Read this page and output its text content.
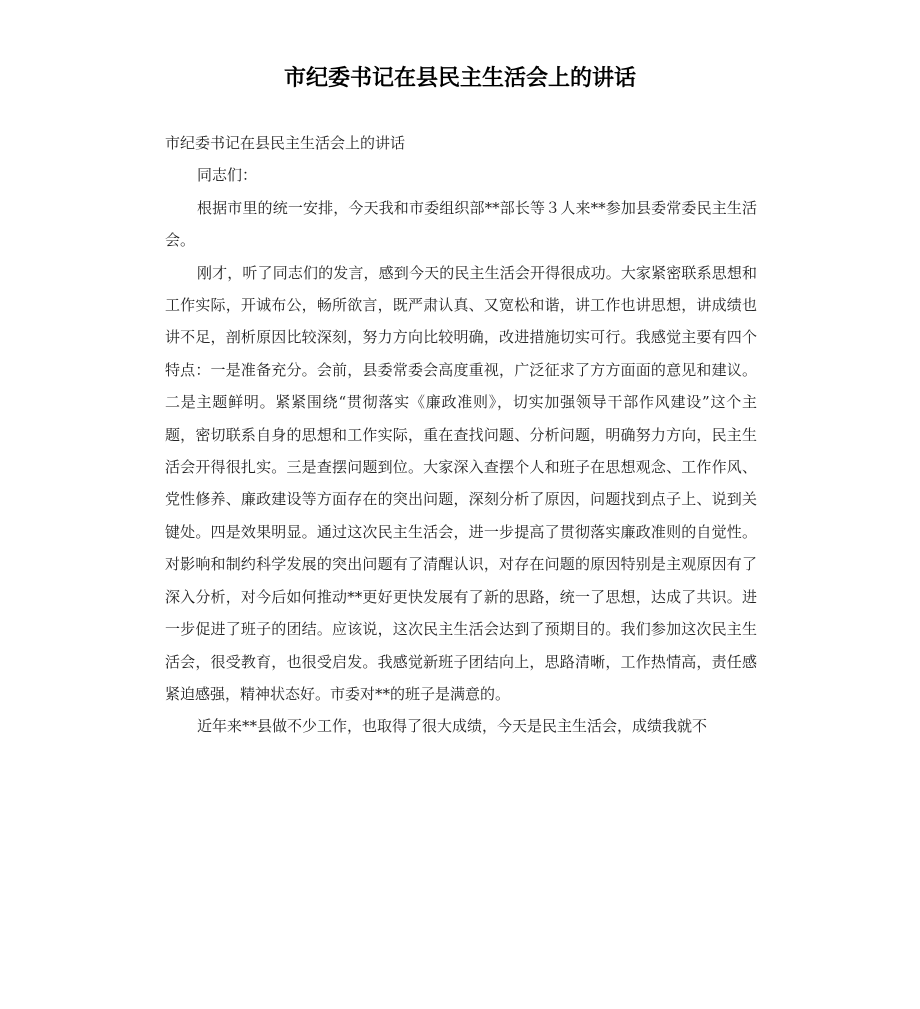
市纪委书记在县民主生活会上的讲话

市纪委书记在县民主生活会上的讲话

同志们：

根据市里的统一安排，今天我和市委组织部**部长等３人来**参加县委常委民主生活会。

刚才，听了同志们的发言，感到今天的民主生活会开得很成功。大家紧密联系思想和工作实际，开诚布公，畅所欲言，既严肃认真、又宽松和谐，讲工作也讲思想，讲成绩也讲不足，剖析原因比较深刻，努力方向比较明确，改进措施切实可行。我感觉主要有四个特点：一是准备充分。会前，县委常委会高度重视，广泛征求了方方面面的意见和建议。二是主题鲜明。紧紧围绕“贯彻落实《廉政准则》，切实加强领导干部作风建设”这个主题，密切联系自身的思想和工作实际，重在查找问题、分析问题，明确努力方向，民主生活会开得很扎实。三是查摆问题到位。大家深入查摆个人和班子在思想观念、工作作风、党性修养、廉政建设等方面存在的突出问题，深刻分析了原因，问题找到点子上、说到关键处。四是效果明显。通过这次民主生活会，进一步提高了贯彻落实廉政准则的自觉性。对影响和制约科学发展的突出问题有了清醒认识，对存在问题的原因特别是主观原因有了深入分析，对今后如何推动**更好更快发展有了新的思路，统一了思想，达成了共识。进一步促进了班子的团结。应该说，这次民主生活会达到了预期目的。我们参加这次民主生活会，很受教育，也很受启发。我感觉新班子团结向上，思路清晰，工作热情高，责任感紧迫感强，精神状态好。市委对**的班子是满意的。

近年来**县做不少工作，也取得了很大成绩，今天是民主生活会，成绩我就不
